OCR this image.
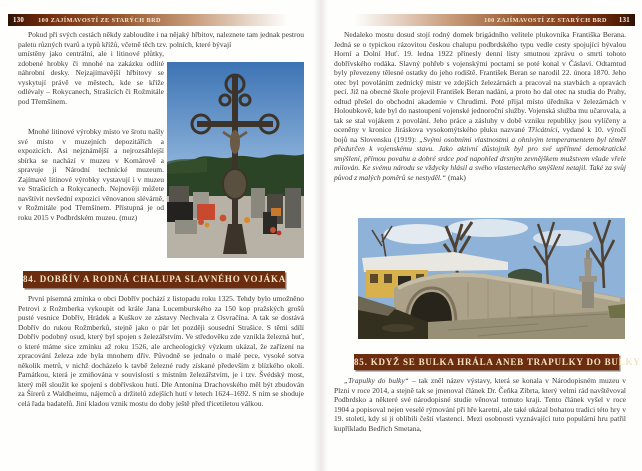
130	100 ZAJÍMAVOSTÍ ZE STARÝCH BRD

Pokud při svých cestách někdy zabloudíte i na nějaký hřbitov, naleznete tam jednak pestrou paletu různých tvarů a typů křížů, včetně těch tzv. polních, které bývají

umístěny jako centrální, ale i litinové plůtky, zdobené hrobky či mnohé na zakázku odlité náhrobní desky. Nejzajímavější hřbitovy se vyskytují právě ve městech, kde se kříže odlévaly – Rokycanech, Strašicích či Rožmitále pod Třemšínem.

Mnohé litinové výrobky místo ve šrotu našly své místo v muzejních depozitářích a expozicích. Asi nejznámější a nejrozsáhlejší sbírka se nachází v muzeu v Komárově a spravuje ji Národní technické muzeum. Zajímavé litinové výrobky vystavují i v muzeu ve Strašicích a Rokycanech. Nejnověji můžete navštívit nevšední expozici věnovanou slévárně, v Rožmitále pod Třemšínem. Přístupná je od roku 2015 v Podbrdském muzeu. (muz)

84. DOBŘÍV A RODNÁ CHALUPA SLAVNÉHO VOJÁKA

První písemná zmínka o obci Dobřív pochází z listopadu roku 1325. Tehdy bylo umožněno Petrovi z Rožmberka vykoupit od krále Jana Lucemburského za 150 kop pražských grošů pusté vesnice Dobřív, Hrádek a Kuškov ze zástavy Nechvala z Osvračína. A tak se dostává Dobřív do rukou Rožmberků, stejně jako o pár let později sousední Strašice. S těmi sdílí Dobřív podobný osud, který byl spojen s železářstvím. Ve středověku zde vznikla železná huť, o které máme sice zmínku až roku 1526, ale archeologický výzkum ukázal, že zařízení na zpracování železa zde byla mnohem dřív. Původně se jednalo o malé pece, vysoké sotva několik metrů, v nichž docházelo k tavbě železné rudy získané především z blízkého okolí. Památkou, která je zmiňována v souvislosti s místním železářstvím, je i tzv. Švédský most, který měl sloužit ke spojení s dobřívskou hutí. Dle Antonína Drachovského měl být zbudován za Šírerů z Waldheimu, nájemců a držitelů zdejších hutí v letech 1624–1692. S ním se shoduje celá řada badatelů. Jiní kladou vznik mostu do doby ještě před třicetiletou válkou.

100 ZAJÍMAVOSTÍ ZE STARÝCH BRD	131

Nedaleko mostu dosud stojí rodný domek brigádního velitele plukovníka Františka Berana. Jedná se o typickou rázovitou českou chalupu podbrdského typu vedle cesty spojující bývalou Horní a Dolní Huť. 19. ledna 1922 přinesly denní listy smutnou zprávu o smrti tohoto dobřívského rodáka. Slavný pohřeb s vojenskými poctami se poté konal v Čáslavi. Odtamtud byly převezeny tělesné ostatky do jeho rodiště. František Beran se narodil 22. února 1870. Jeho otec byl povoláním zednický mistr ve zdejších železárnách a pracoval na stavbách a opravách pecí. Již na obecné škole projevil František Beran nadání, a proto ho dal otec na studia do Prahy, odtud přešel do obchodní akademie v Chrudimi. Poté přijal místo úředníka v železárnách v Holoubkově, kde byl do nastoupení vojenské jednoroční služby. Vojenská služba mu učarovala, a tak se stal vojákem z povolání. Jeho práce a zásluhy v době vzniku republiky jsou vylíčeny a oceněny v kronice Jiráskova vysokomýtského pluku nazvané Třicátníci, vydané k 10. výročí bojů na Slovensku (1919): „Svými osobními vlastnostmi a ohnivým temperamentem byl téměř předurčen k vojenskému stavu. Jako aktivní důstojník byl pro své upřímné demokratické smýšlení, přímou povahu a dobré srdce pod napohled drsným zevnějškem mužstvem všude vřele milován. Ke svému národu se vždycky hlásil a svého vlasteneckého smýšlení netajil. Také za svůj původ z malých poměrů se nestyděl.“ (mak)

85. KDYŽ SE BULKA HRÁLA ANEB TRAPULKY DO BULKY

„Trapulky do bulky“ – tak zněl název výstavy, která se konala v Národopisném muzeu v Plzni v roce 2014, a stejně tak se jmenoval článek Dr. Čeňka Zíbrta, který velmi rád navštěvoval Podbrdsko a některé své národopisné studie věnoval tomuto kraji. Tento článek vyšel v roce 1904 a popisoval nejen veselé rýmování při hře karetní, ale také ukázal bohatou tradici této hry v 19. století, kdy si ji oblíbili čeští vlastenci. Mezi osobnosti vyznávající tuto populární hru patřil kupříkladu Bedřich Smetana,
